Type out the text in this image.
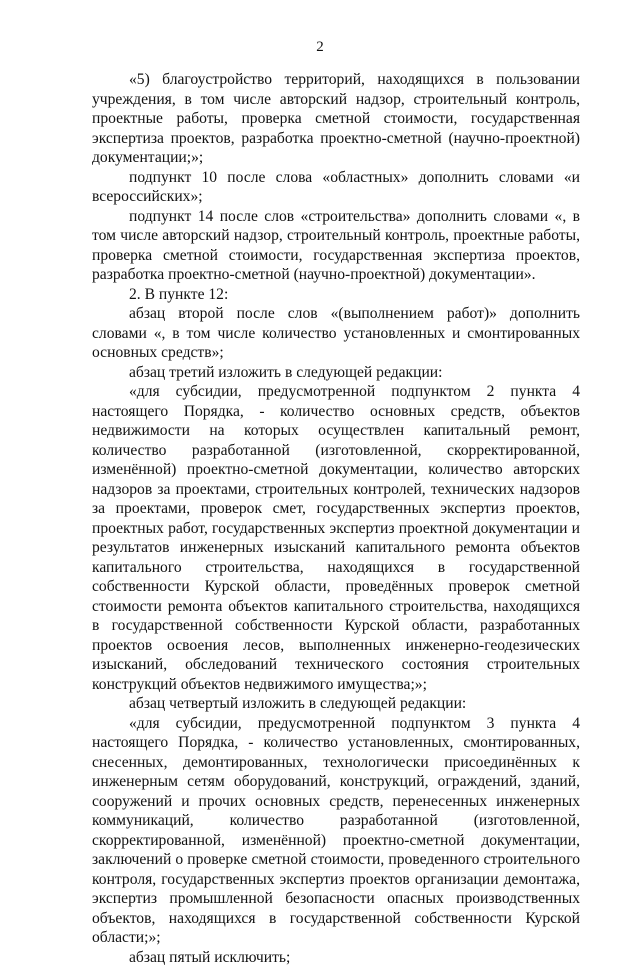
2

«5) благоустройство территорий, находящихся в пользовании учреждения, в том числе авторский надзор, строительный контроль, проектные работы, проверка сметной стоимости, государственная экспертиза проектов, разработка проектно-сметной (научно-проектной) документации;»;

подпункт 10 после слова «областных» дополнить словами «и всероссийских»;

подпункт 14 после слов «строительства» дополнить словами «, в том числе авторский надзор, строительный контроль, проектные работы, проверка сметной стоимости, государственная экспертиза проектов, разработка проектно-сметной (научно-проектной) документации».

2. В пункте 12:

абзац второй после слов «(выполнением работ)» дополнить словами «, в том числе количество установленных и смонтированных основных средств»;

абзац третий изложить в следующей редакции:

«для субсидии, предусмотренной подпунктом 2 пункта 4 настоящего Порядка, - количество основных средств, объектов недвижимости на которых осуществлен капитальный ремонт, количество разработанной (изготовленной, скорректированной, изменённой) проектно-сметной документации, количество авторских надзоров за проектами, строительных контролей, технических надзоров за проектами, проверок смет, государственных экспертиз проектов, проектных работ, государственных экспертиз проектной документации и результатов инженерных изысканий капитального ремонта объектов капитального строительства, находящихся в государственной собственности Курской области, проведённых проверок сметной стоимости ремонта объектов капитального строительства, находящихся в государственной собственности Курской области, разработанных проектов освоения лесов, выполненных инженерно-геодезических изысканий, обследований технического состояния строительных конструкций объектов недвижимого имущества;»;

абзац четвертый изложить в следующей редакции:

«для субсидии, предусмотренной подпунктом 3 пункта 4 настоящего Порядка, - количество установленных, смонтированных, снесенных, демонтированных, технологически присоединённых к инженерным сетям оборудований, конструкций, ограждений, зданий, сооружений и прочих основных средств, перенесенных инженерных коммуникаций, количество разработанной (изготовленной, скорректированной, изменённой) проектно-сметной документации, заключений о проверке сметной стоимости, проведенного строительного контроля, государственных экспертиз проектов организации демонтажа, экспертиз промышленной безопасности опасных производственных объектов, находящихся в государственной собственности Курской области;»;

абзац пятый исключить;
